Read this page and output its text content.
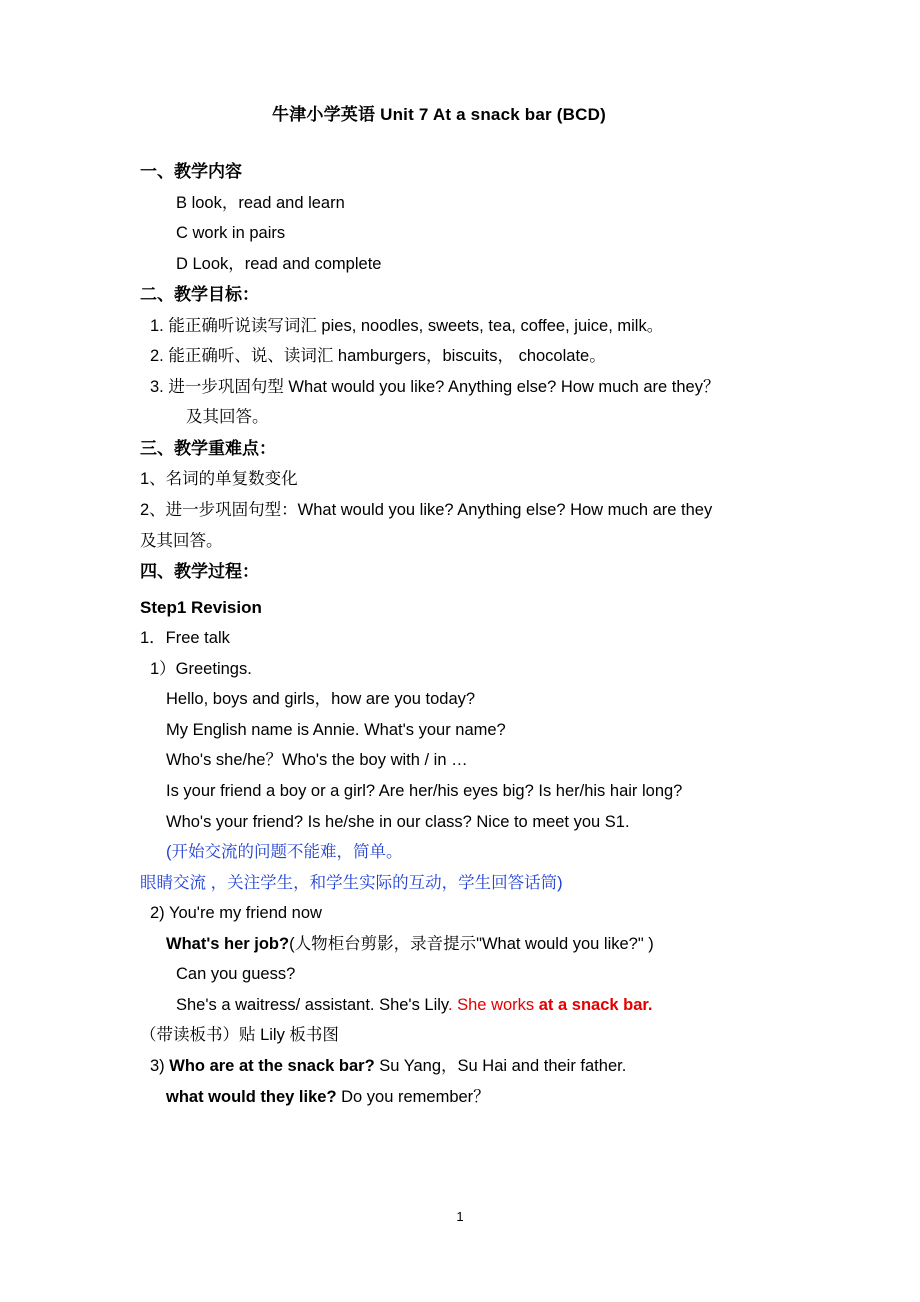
牛津小学英语 Unit 7 At a snack bar (BCD)
一、教学内容
B look，read and learn
C work in pairs
D Look，read and complete
二、教学目标：
1. 能正确听说读写词汇 pies, noodles, sweets, tea, coffee, juice, milk。
2. 能正确听、说、读词汇 hamburgers，biscuits， chocolate。
3. 进一步巩固句型 What would you like? Anything else? How much are they？
及其回答。
三、教学重难点：
1、名词的单复数变化
2、进一步巩固句型：What would you like? Anything else? How much are they
及其回答。
四、教学过程：
Step1 Revision
1．Free talk
1）Greetings.
Hello, boys and girls，how are you today?
My English name is Annie. What's your name?
Who's she/he？Who's the boy with / in …
Is your friend a boy or a girl? Are her/his eyes big? Is her/his hair long?
Who's your friend? Is he/she in our class? Nice to meet you S1.
(开始交流的问题不能难，简单。
眼睛交流 ，关注学生，和学生实际的互动，学生回答话筒)
2) You're my friend now
What's her job?(人物柜台剪影，录音提示"What would you like?" )
Can you guess?
She's a waitress/ assistant. She's Lily. She works at a snack bar.
（带读板书）贴 Lily 板书图
3) Who are at the snack bar? Su Yang，Su Hai and their father.
what would they like? Do you remember？
1
